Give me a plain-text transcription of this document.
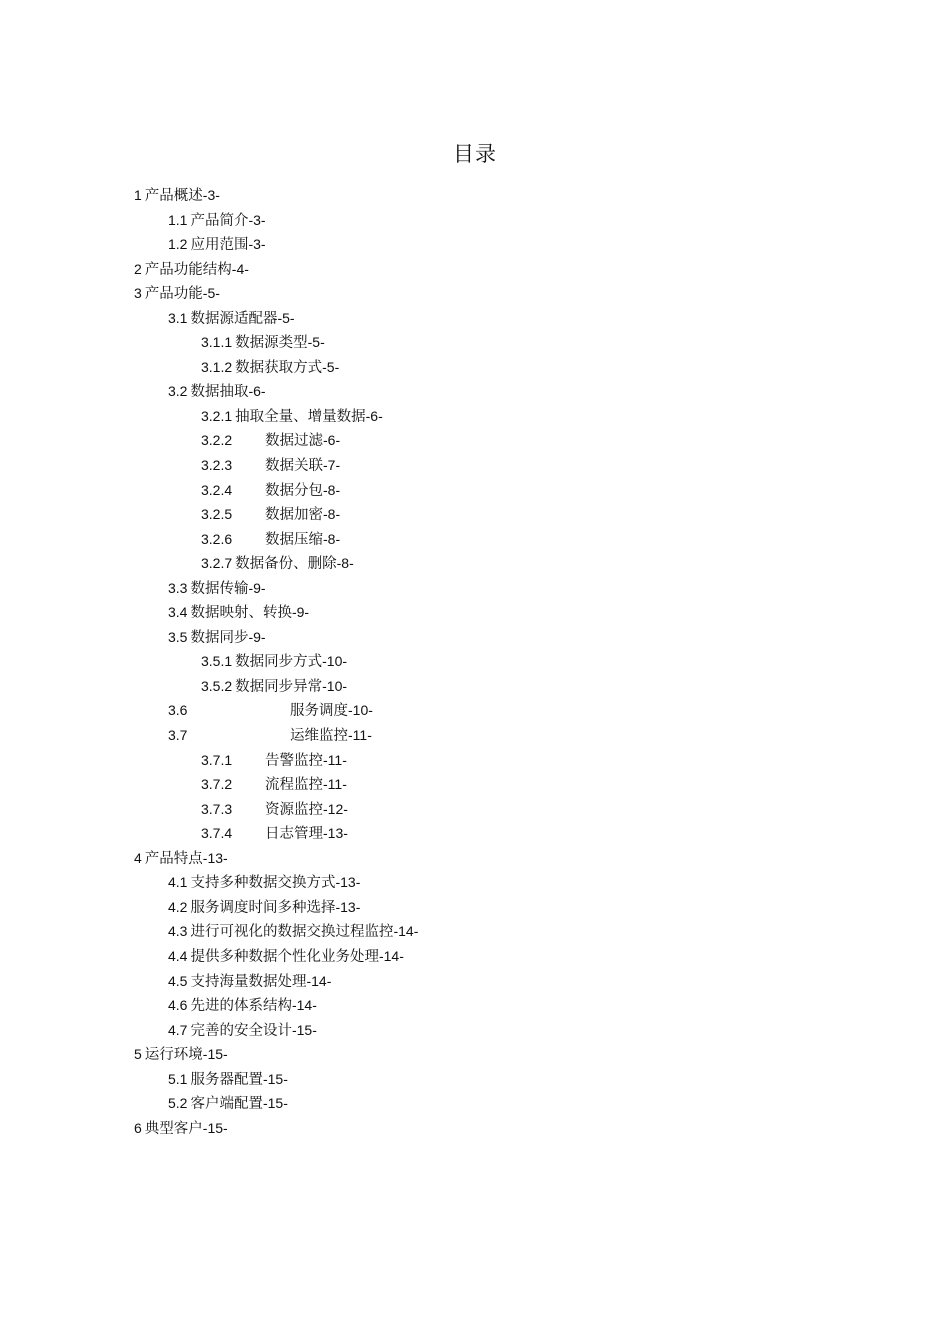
目录
1 产品概述-3-
1.1 产品简介-3-
1.2 应用范围-3-
2 产品功能结构-4-
3 产品功能-5-
3.1 数据源适配器-5-
3.1.1 数据源类型-5-
3.1.2 数据获取方式-5-
3.2 数据抽取-6-
3.2.1 抽取全量、增量数据-6-
3.2.2 数据过滤-6-
3.2.3 数据关联-7-
3.2.4 数据分包-8-
3.2.5 数据加密-8-
3.2.6 数据压缩-8-
3.2.7 数据备份、删除-8-
3.3 数据传输-9-
3.4 数据映射、转换-9-
3.5 数据同步-9-
3.5.1 数据同步方式-10-
3.5.2 数据同步异常-10-
3.6	服务调度-10-
3.7	运维监控-11-
3.7.1 告警监控-11-
3.7.2 流程监控-11-
3.7.3 资源监控-12-
3.7.4 日志管理-13-
4 产品特点-13-
4.1 支持多种数据交换方式-13-
4.2 服务调度时间多种选择-13-
4.3 进行可视化的数据交换过程监控-14-
4.4 提供多种数据个性化业务处理-14-
4.5 支持海量数据处理-14-
4.6 先进的体系结构-14-
4.7 完善的安全设计-15-
5 运行环境-15-
5.1 服务器配置-15-
5.2 客户端配置-15-
6 典型客户-15-
